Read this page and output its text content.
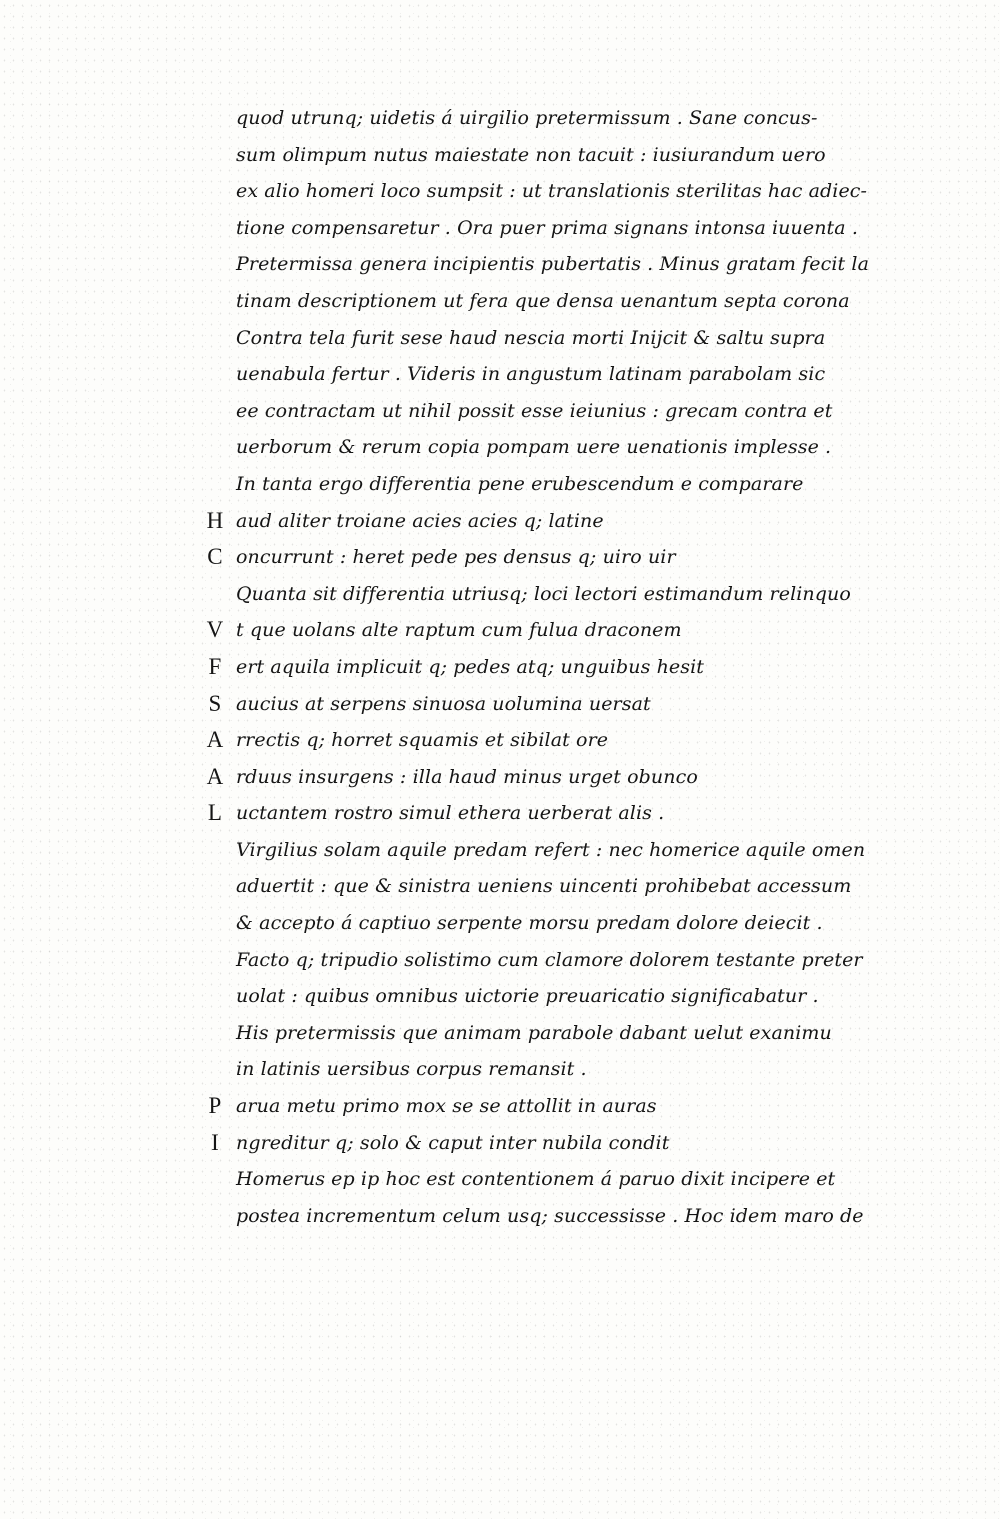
quod utrunq; uidetis á uirgilio pretermissum . Sane concus-
sum olimpum nutus maiestate non tacuit : iusiurandum uero
ex alio homeri loco sumpsit : ut translationis sterilitas hac adiec-
tione compensaretur . Ora puer prima signans intonsa iuuenta .
Pretermissa genera incipientis pubertatis . Minus gratam fecit la
tinam descriptionem ut fera que densa uenantum septa corona
Contra tela furit sese haud nescia morti Inijcit & saltu supra
uenabula fertur . Videris in angustum latinam parabolam sic
ee contractam ut nihil possit esse ieiunius : grecam contra et
uerborum & rerum copia pompam uere uenationis implesse .
In tanta ergo differentia pene erubescendum e comparare
H aud aliter troiane acies acies q; latine
C oncurrunt : heret pede pes densus q; uiro uir
Quanta sit differentia utriusq; loci lectori estimandum relinquo
V t que uolans alte raptum cum fulua draconem
F ert aquila implicuit q; pedes atq; unguibus hesit
S aucius at serpens sinuosa uolumina uersat
A rrectis q; horret squamis et sibilat ore
A rduus insurgens : illa haud minus urget obunco
L uctantem rostro simul ethera uerberat alis .
Virgilius solam aquile predam refert : nec homerice aquile omen
aduertit : que & sinistra ueniens uincenti prohibebat accessum
& accepto á captiuo serpente morsu predam dolore deiecit .
Facto q; tripudio solistimo cum clamore dolorem testante preter
uolat : quibus omnibus uictorie preuaricatio significabatur .
His pretermissis que animam parabole dabant uelut exanimu
in latinis uersibus corpus remansit .
P arua metu primo mox se se attollit in auras
I ngreditur q; solo & caput inter nubila condit
Homerus ep ip hoc est contentionem á paruo dixit incipere et
postea incrementum celum usq; successisse . Hoc idem maro de
